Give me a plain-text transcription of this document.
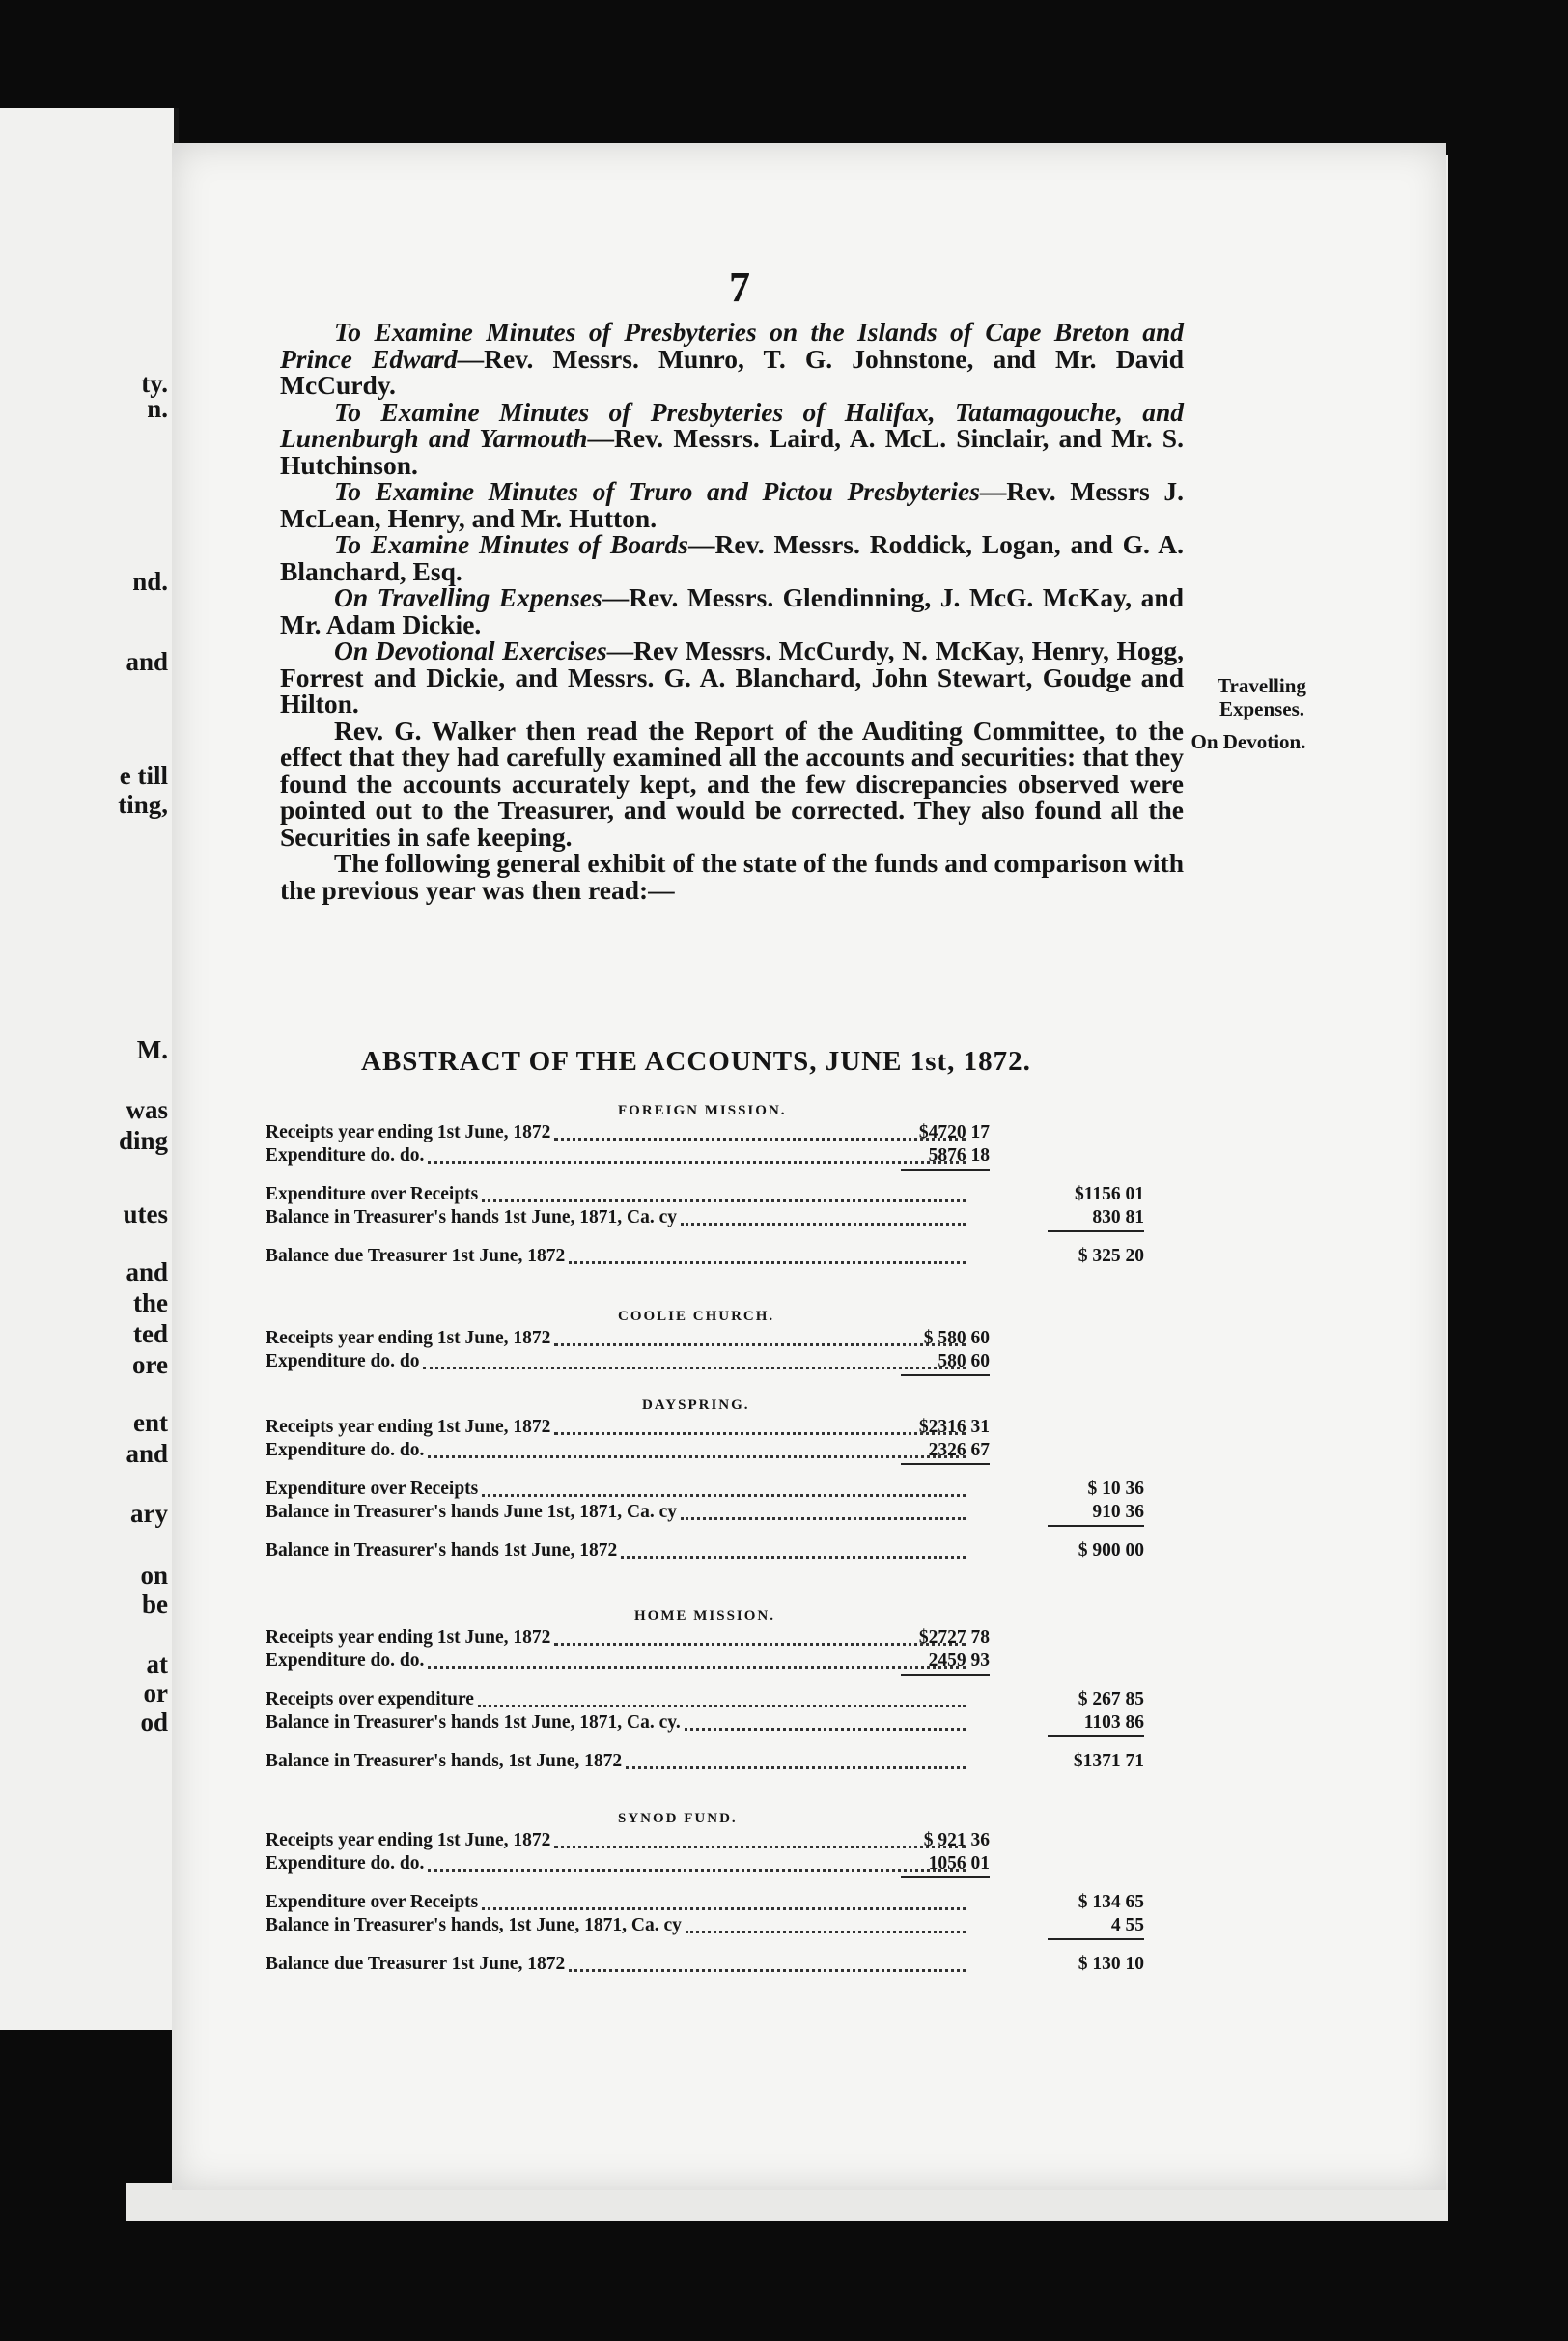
ty.
n.
nd.
and
e till
ting,
M.
was
ding
utes
and
the
ted
ore
ent
and
ary
on
be
at
or
od
7

To Examine Minutes of Presbyteries on the Islands of Cape Breton and Prince Edward—Rev. Messrs. Munro, T. G. Johnstone, and Mr. David McCurdy.

To Examine Minutes of Presbyteries of Halifax, Tatamagouche, and Lunenburgh and Yarmouth—Rev. Messrs. Laird, A. McL. Sinclair, and Mr. S. Hutchinson.

To Examine Minutes of Truro and Pictou Presbyteries—Rev. Messrs J. McLean, Henry, and Mr. Hutton.

To Examine Minutes of Boards—Rev. Messrs. Roddick, Logan, and G. A. Blanchard, Esq.

On Travelling Expenses—Rev. Messrs. Glendinning, J. McG. McKay, and Mr. Adam Dickie.

On Devotional Exercises—Rev Messrs. McCurdy, N. McKay, Henry, Hogg, Forrest and Dickie, and Messrs. G. A. Blanchard, John Stewart, Goudge and Hilton.

Rev. G. Walker then read the Report of the Auditing Committee, to the effect that they had carefully examined all the accounts and securities: that they found the accounts accurately kept, and the few discrepancies observed were pointed out to the Treasurer, and would be corrected. They also found all the Securities in safe keeping.

The following general exhibit of the state of the funds and comparison with the previous year was then read:—

Travelling Expenses.
On Devotion.
ABSTRACT OF THE ACCOUNTS, JUNE 1st, 1872.
FOREIGN MISSION.
Receipts year ending 1st June, 1872	$4720 17
Expenditure do. do.	5876 18
Expenditure over Receipts	$1156 01
Balance in Treasurer's hands 1st June, 1871, Ca. cy	830 81
Balance due Treasurer 1st June, 1872	$ 325 20
COOLIE CHURCH.
Receipts year ending 1st June, 1872	$ 580 60
Expenditure do. do	580 60
DAYSPRING.
Receipts year ending 1st June, 1872	$2316 31
Expenditure do. do.	2326 67
Expenditure over Receipts	$ 10 36
Balance in Treasurer's hands June 1st, 1871, Ca. cy	910 36
Balance in Treasurer's hands 1st June, 1872	$ 900 00
HOME MISSION.
Receipts year ending 1st June, 1872	$2727 78
Expenditure do. do.	2459 93
Receipts over expenditure	$ 267 85
Balance in Treasurer's hands 1st June, 1871, Ca. cy.	1103 86
Balance in Treasurer's hands, 1st June, 1872	$1371 71
SYNOD FUND.
Receipts year ending 1st June, 1872	$ 921 36
Expenditure do. do.	1056 01
Expenditure over Receipts	$ 134 65
Balance in Treasurer's hands, 1st June, 1871, Ca. cy	4 55
Balance due Treasurer 1st June, 1872	$ 130 10
